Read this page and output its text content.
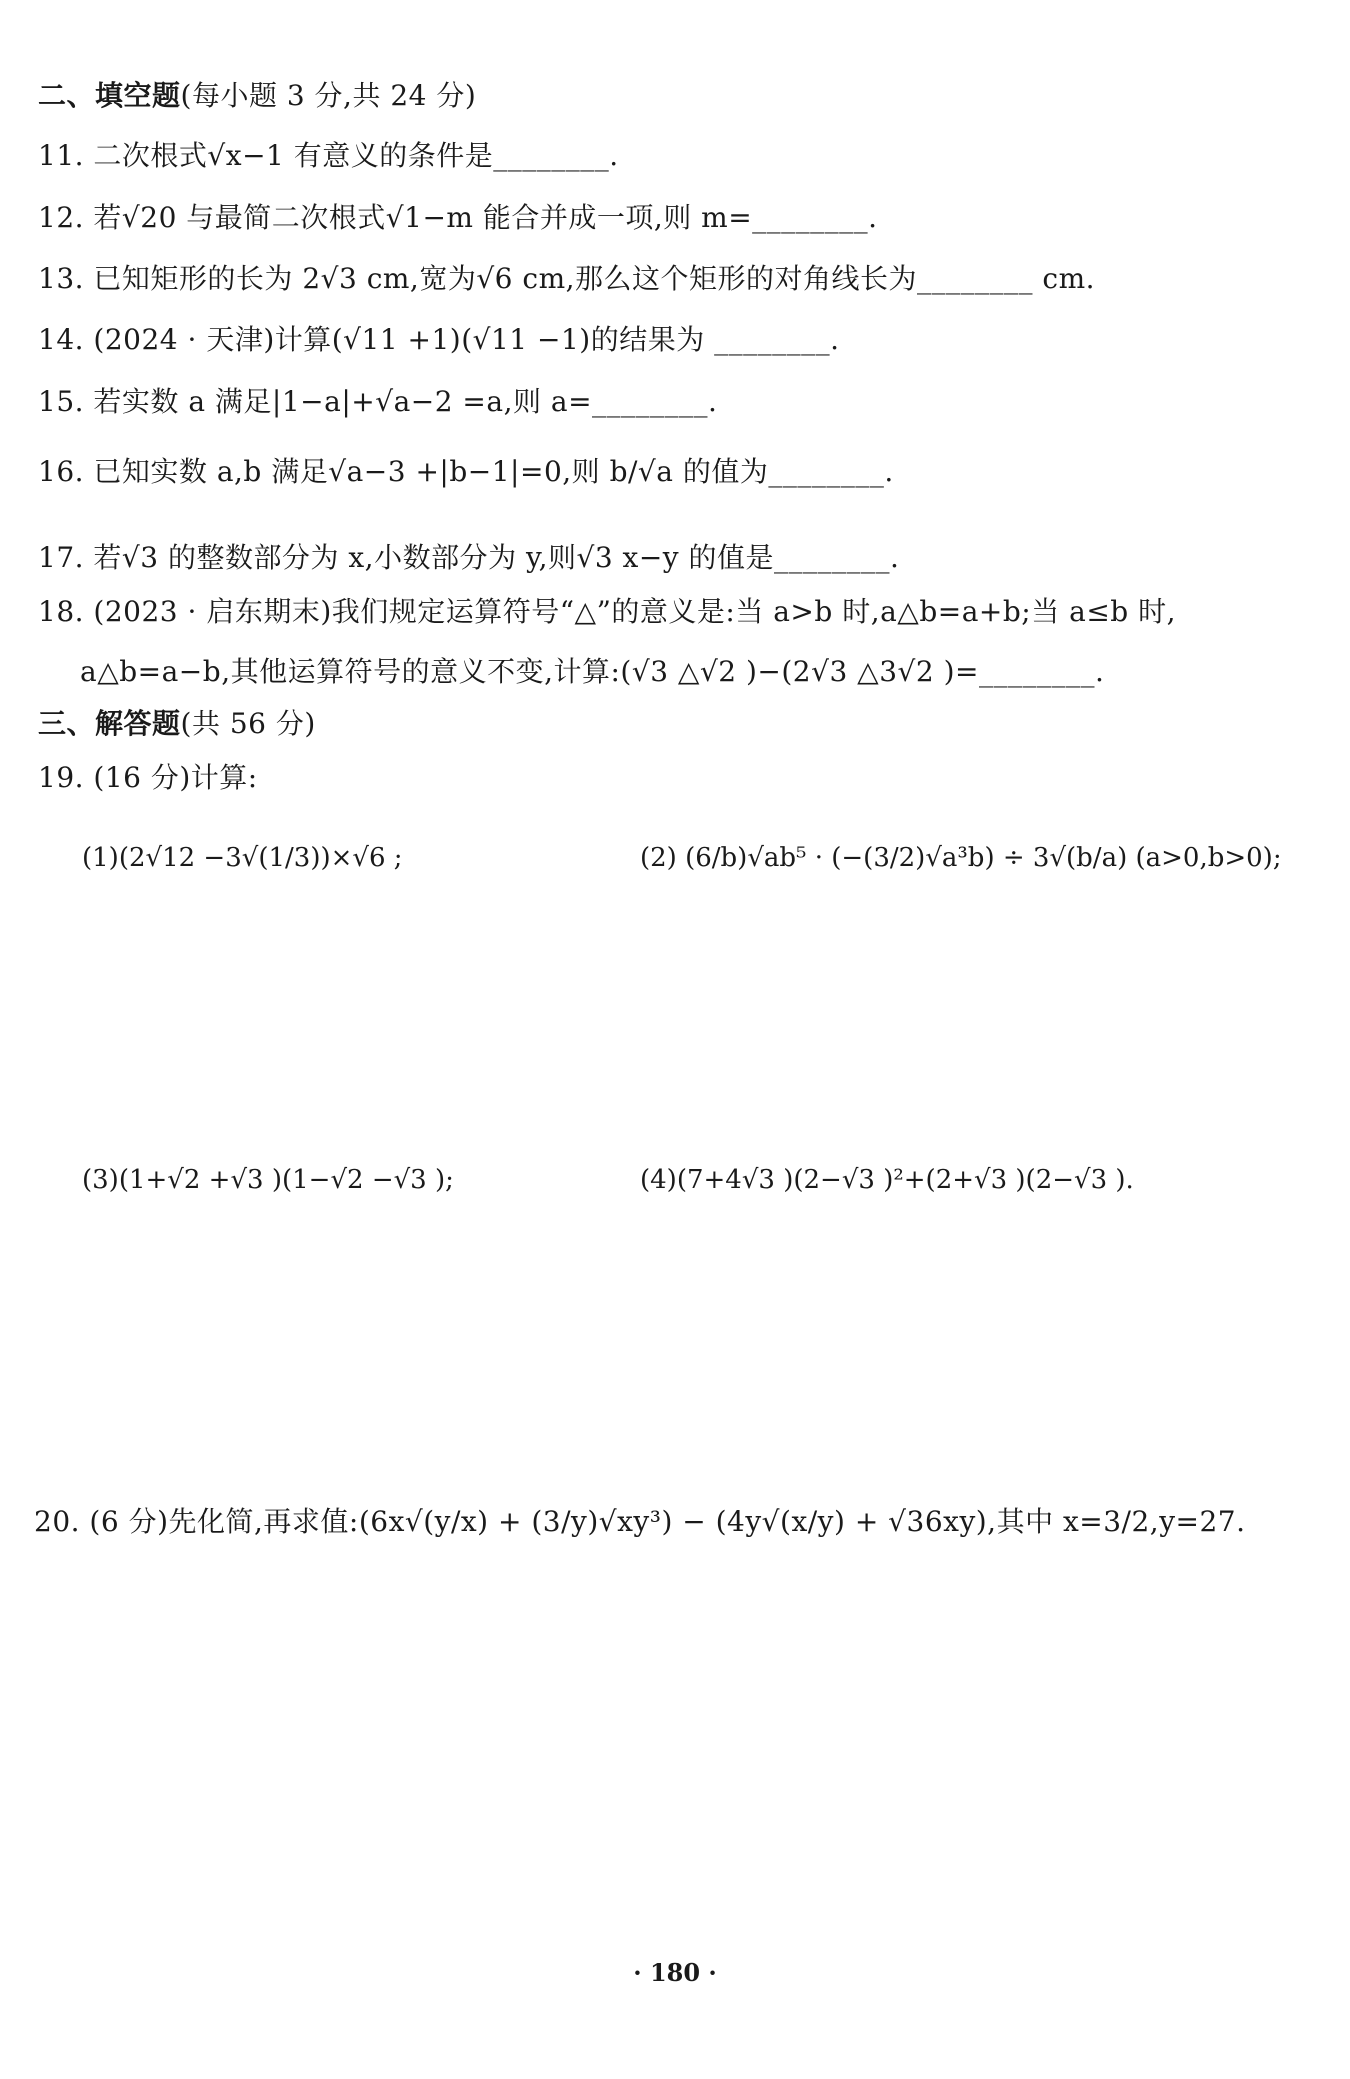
二、填空题(每小题 3 分,共 24 分)
11. 二次根式√x−1 有意义的条件是________.
12. 若√20 与最简二次根式√1−m 能合并成一项,则 m=________.
13. 已知矩形的长为 2√3 cm,宽为√6 cm,那么这个矩形的对角线长为________ cm.
14. (2024 · 天津)计算(√11 +1)(√11 −1)的结果为 ________.
15. 若实数 a 满足|1−a|+√a−2 =a,则 a=________.
16. 已知实数 a,b 满足√a−3 +|b−1|=0,则 b/√a 的值为________.
17. 若√3 的整数部分为 x,小数部分为 y,则√3 x−y 的值是________.
18. (2023 · 启东期末)我们规定运算符号“△”的意义是:当 a>b 时,a△b=a+b;当 a≤b 时,
a△b=a−b,其他运算符号的意义不变,计算:(√3 △√2 )−(2√3 △3√2 )=________.
三、解答题(共 56 分)
19. (16 分)计算:
(1)(2√12 −3√(1/3))×√6 ;	(2) (6/b)√ab⁵ · (−(3/2)√a³b) ÷ 3√(b/a) (a>0,b>0);
(3)(1+√2 +√3 )(1−√2 −√3 );	(4)(7+4√3 )(2−√3 )²+(2+√3 )(2−√3 ).
20. (6 分)先化简,再求值:(6x√(y/x) + (3/y)√xy³) − (4y√(x/y) + √36xy),其中 x=3/2,y=27.
· 180 ·
